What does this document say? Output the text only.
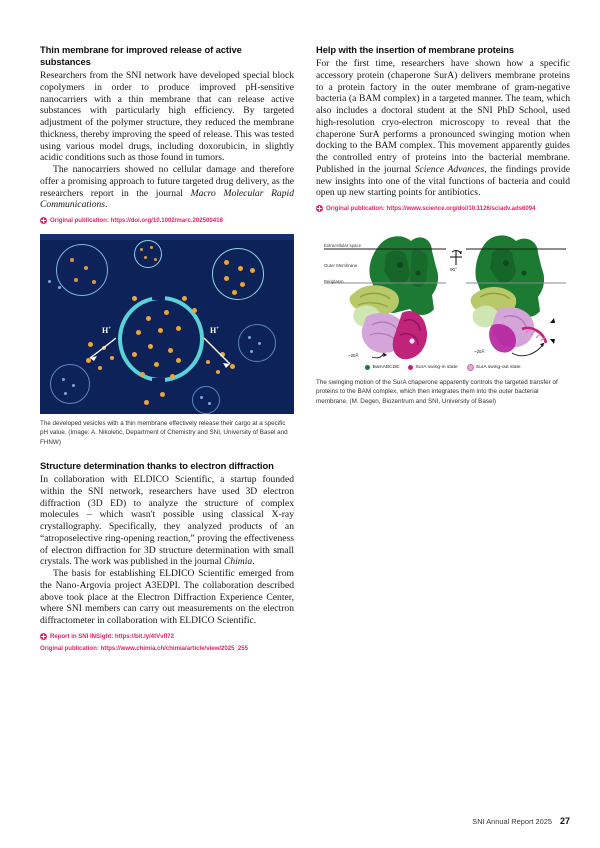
Thin membrane for improved release of active substances

Researchers from the SNI network have developed special block copolymers in order to produce improved pH-sensitive nanocarriers with a thin membrane that can release active substances with particularly high efficiency. By targeted adjustment of the polymer structure, they reduced the membrane thickness, thereby improving the speed of release. This was tested using various model drugs, including doxorubicin, in slightly acidic conditions such as those found in tumors.

The nanocarriers showed no cellular damage and therefore offer a promising approach to future targeted drug delivery, as the researchers report in the journal Macro Molecular Rapid Communications.

Original publication: https://doi.org/10.1002/marc.202500418
H+	H+
The developed vesicles with a thin membrane effectively release their cargo at a specific pH value. (Image: A. Nikoletić, Department of Chemistry and SNI, University of Basel and FHNW)
Structure determination thanks to electron diffraction

In collaboration with ELDICO Scientific, a startup founded within the SNI network, researchers have used 3D electron diffraction (3D ED) to analyze the structure of complex molecules – which wasn't possible using classical X-ray crystallography. Specifically, they analyzed products of an “atroposelective ring-opening reaction,” proving the effectiveness of electron diffraction for 3D structure determination with small crystals. The work was published in the journal Chimia.

The basis for establishing ELDICO Scientific emerged from the Nano-Argovia project A3EDPI. The collaboration described above took place at the Electron Diffraction Experience Center, where SNI members can carry out measurements on the electron diffractometer in collaboration with ELDICO Scientific.

Report in SNI INSight: https://bit.ly/4tVvfl72
Original publication: https://www.chimia.ch/chimia/article/view/2025_255
Help with the insertion of membrane proteins

For the first time, researchers have shown how a specific accessory protein (chaperone SurA) delivers membrane proteins to a protein factory in the outer membrane of gram-negative bacteria (a BAM complex) in a targeted manner. The team, which also includes a doctoral student at the SNI PhD School, used high-resolution cryo-electron microscopy to reveal that the chaperone SurA performs a pronounced swinging motion when docking to the BAM complex. This movement apparently guides the controlled entry of proteins into the bacterial membrane. Published in the journal Science Advances, the findings provide new insights into one of the vital functions of bacteria and could open up new starting points for antibiotics.

Original publication: https://www.science.org/doi/10.1126/sciadv.ads6094
Extracellular space
Outer Membrane
Periplasm
90°
~20Å
~20Å
BamABCDE	SurA swing-in state	SurA swing-out state
The swinging motion of the SurA chaperone apparently controls the targeted transfer of proteins to the BAM complex, which then integrates them into the outer bacterial membrane. (M. Degen, Biozentrum and SNI, University of Basel)
SNI Annual Report 2025 27
